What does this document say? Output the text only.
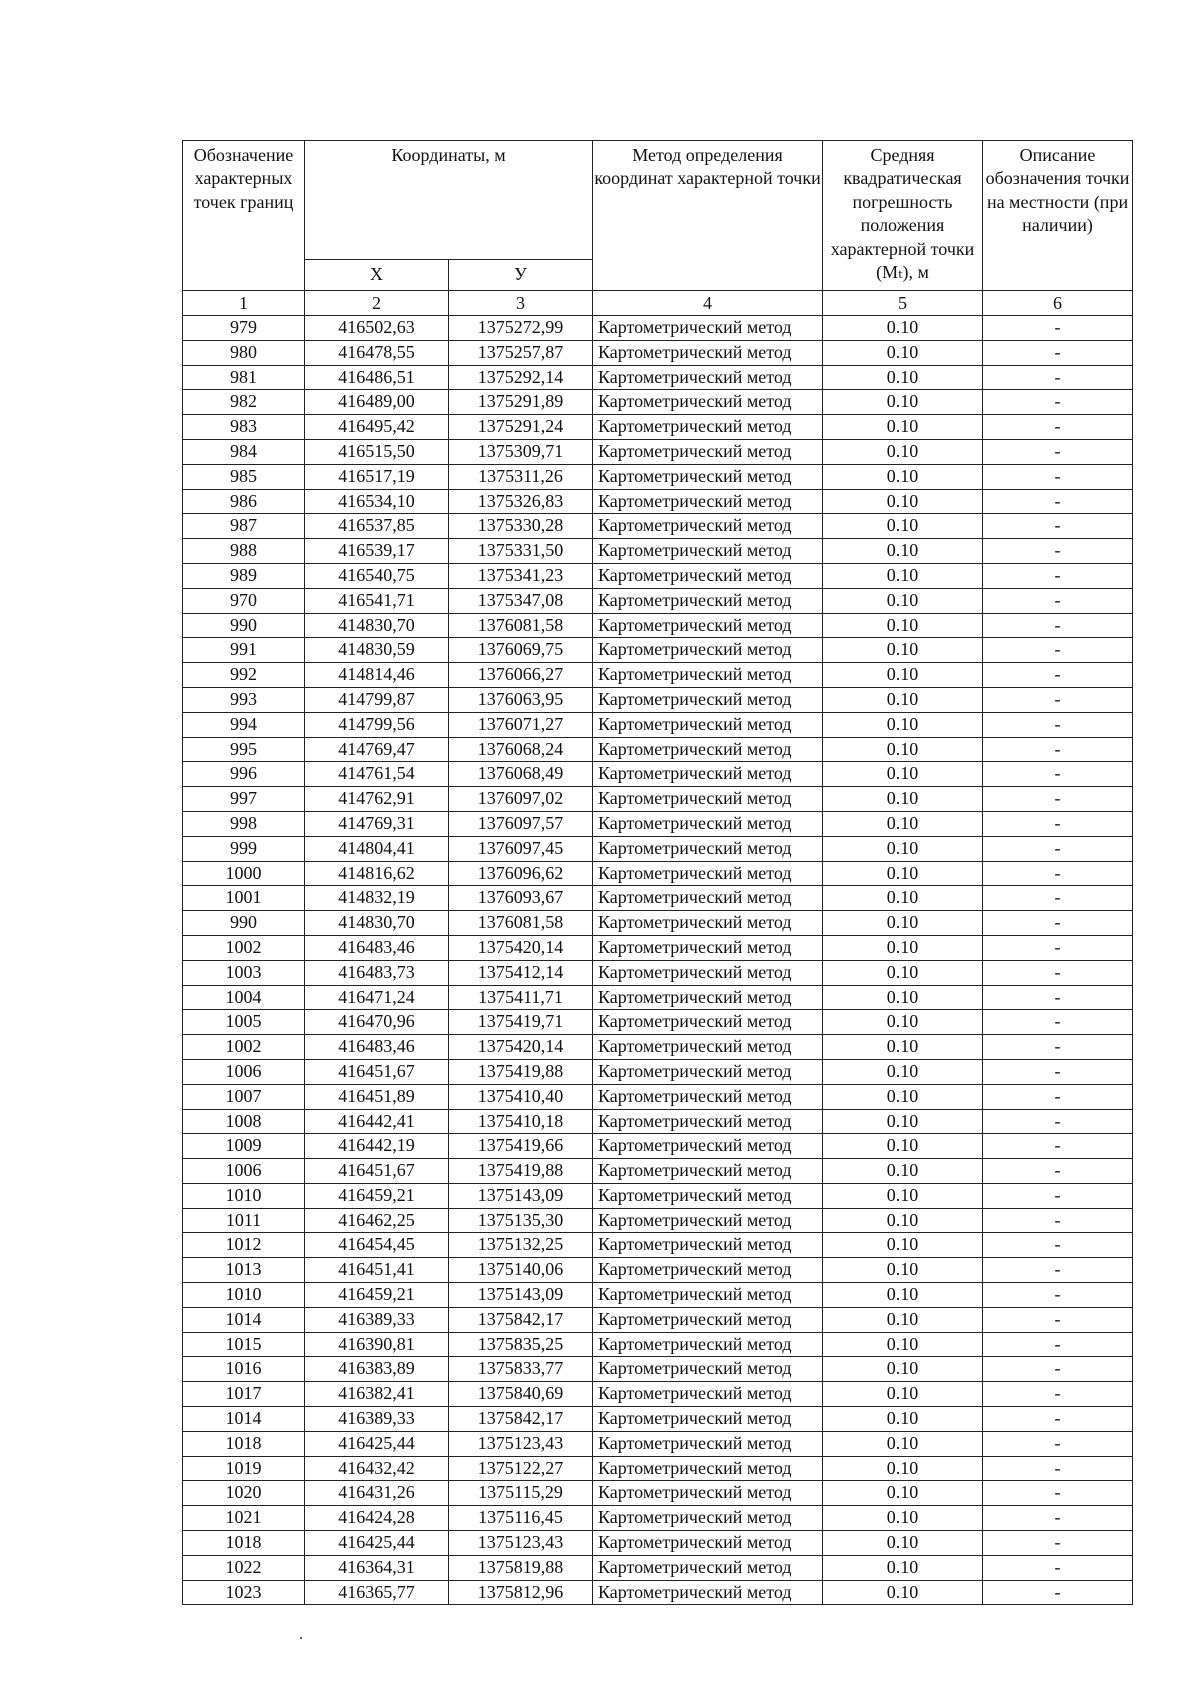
Обозначение характерных точек границ	Координаты, м		Метод определения координат характерной точки	Средняя квадратическая погрешность положения характерной точки (Mₜ), м	Описание обозначения точки на местности (при наличии)
	Х	У			
1	2	3	4	5	6
979	416502,63	1375272,99	Картометрический метод	0.10	-
980	416478,55	1375257,87	Картометрический метод	0.10	-
981	416486,51	1375292,14	Картометрический метод	0.10	-
982	416489,00	1375291,89	Картометрический метод	0.10	-
983	416495,42	1375291,24	Картометрический метод	0.10	-
984	416515,50	1375309,71	Картометрический метод	0.10	-
985	416517,19	1375311,26	Картометрический метод	0.10	-
986	416534,10	1375326,83	Картометрический метод	0.10	-
987	416537,85	1375330,28	Картометрический метод	0.10	-
988	416539,17	1375331,50	Картометрический метод	0.10	-
989	416540,75	1375341,23	Картометрический метод	0.10	-
970	416541,71	1375347,08	Картометрический метод	0.10	-
990	414830,70	1376081,58	Картометрический метод	0.10	-
991	414830,59	1376069,75	Картометрический метод	0.10	-
992	414814,46	1376066,27	Картометрический метод	0.10	-
993	414799,87	1376063,95	Картометрический метод	0.10	-
994	414799,56	1376071,27	Картометрический метод	0.10	-
995	414769,47	1376068,24	Картометрический метод	0.10	-
996	414761,54	1376068,49	Картометрический метод	0.10	-
997	414762,91	1376097,02	Картометрический метод	0.10	-
998	414769,31	1376097,57	Картометрический метод	0.10	-
999	414804,41	1376097,45	Картометрический метод	0.10	-
1000	414816,62	1376096,62	Картометрический метод	0.10	-
1001	414832,19	1376093,67	Картометрический метод	0.10	-
990	414830,70	1376081,58	Картометрический метод	0.10	-
1002	416483,46	1375420,14	Картометрический метод	0.10	-
1003	416483,73	1375412,14	Картометрический метод	0.10	-
1004	416471,24	1375411,71	Картометрический метод	0.10	-
1005	416470,96	1375419,71	Картометрический метод	0.10	-
1002	416483,46	1375420,14	Картометрический метод	0.10	-
1006	416451,67	1375419,88	Картометрический метод	0.10	-
1007	416451,89	1375410,40	Картометрический метод	0.10	-
1008	416442,41	1375410,18	Картометрический метод	0.10	-
1009	416442,19	1375419,66	Картометрический метод	0.10	-
1006	416451,67	1375419,88	Картометрический метод	0.10	-
1010	416459,21	1375143,09	Картометрический метод	0.10	-
1011	416462,25	1375135,30	Картометрический метод	0.10	-
1012	416454,45	1375132,25	Картометрический метод	0.10	-
1013	416451,41	1375140,06	Картометрический метод	0.10	-
1010	416459,21	1375143,09	Картометрический метод	0.10	-
1014	416389,33	1375842,17	Картометрический метод	0.10	-
1015	416390,81	1375835,25	Картометрический метод	0.10	-
1016	416383,89	1375833,77	Картометрический метод	0.10	-
1017	416382,41	1375840,69	Картометрический метод	0.10	-
1014	416389,33	1375842,17	Картометрический метод	0.10	-
1018	416425,44	1375123,43	Картометрический метод	0.10	-
1019	416432,42	1375122,27	Картометрический метод	0.10	-
1020	416431,26	1375115,29	Картометрический метод	0.10	-
1021	416424,28	1375116,45	Картометрический метод	0.10	-
1018	416425,44	1375123,43	Картометрический метод	0.10	-
1022	416364,31	1375819,88	Картометрический метод	0.10	-
1023	416365,77	1375812,96	Картометрический метод	0.10	-
